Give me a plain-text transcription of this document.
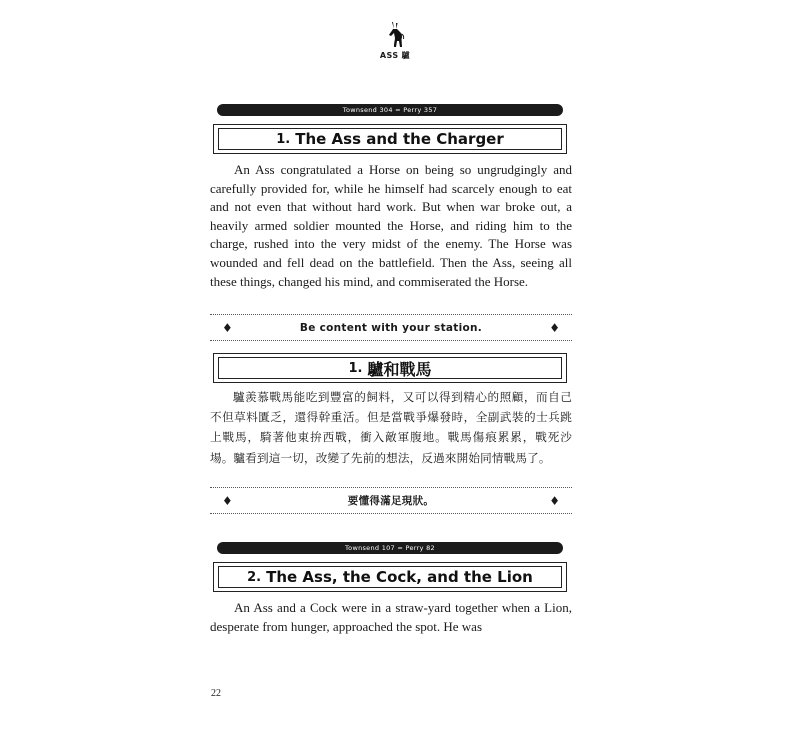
ASS 驢
Townsend 304 = Perry 357
1. The Ass and the Charger

An Ass congratulated a Horse on being so ungrudgingly and carefully provided for, while he himself had scarcely enough to eat and not even that without hard work. But when war broke out, a heavily armed soldier mounted the Horse, and riding him to the charge, rushed into the very midst of the enemy. The Horse was wounded and fell dead on the battlefield. Then the Ass, seeing all these things, changed his mind, and commiserated the Horse.

♦	Be content with your station.	♦
1. 驢和戰馬

驢羨慕戰馬能吃到豐富的飼料，又可以得到精心的照顧，而自己不但草料匱乏，還得幹重活。但是當戰爭爆發時，全副武裝的士兵跳上戰馬，騎著他東拚西戰，衝入敵軍腹地。戰馬傷痕累累，戰死沙場。驢看到這一切，改變了先前的想法，反過來開始同情戰馬了。

♦	要懂得滿足現狀。	♦
Townsend 107 = Perry 82
2. The Ass, the Cock, and the Lion

An Ass and a Cock were in a straw-yard together when a Lion, desperate from hunger, approached the spot. He was

22
